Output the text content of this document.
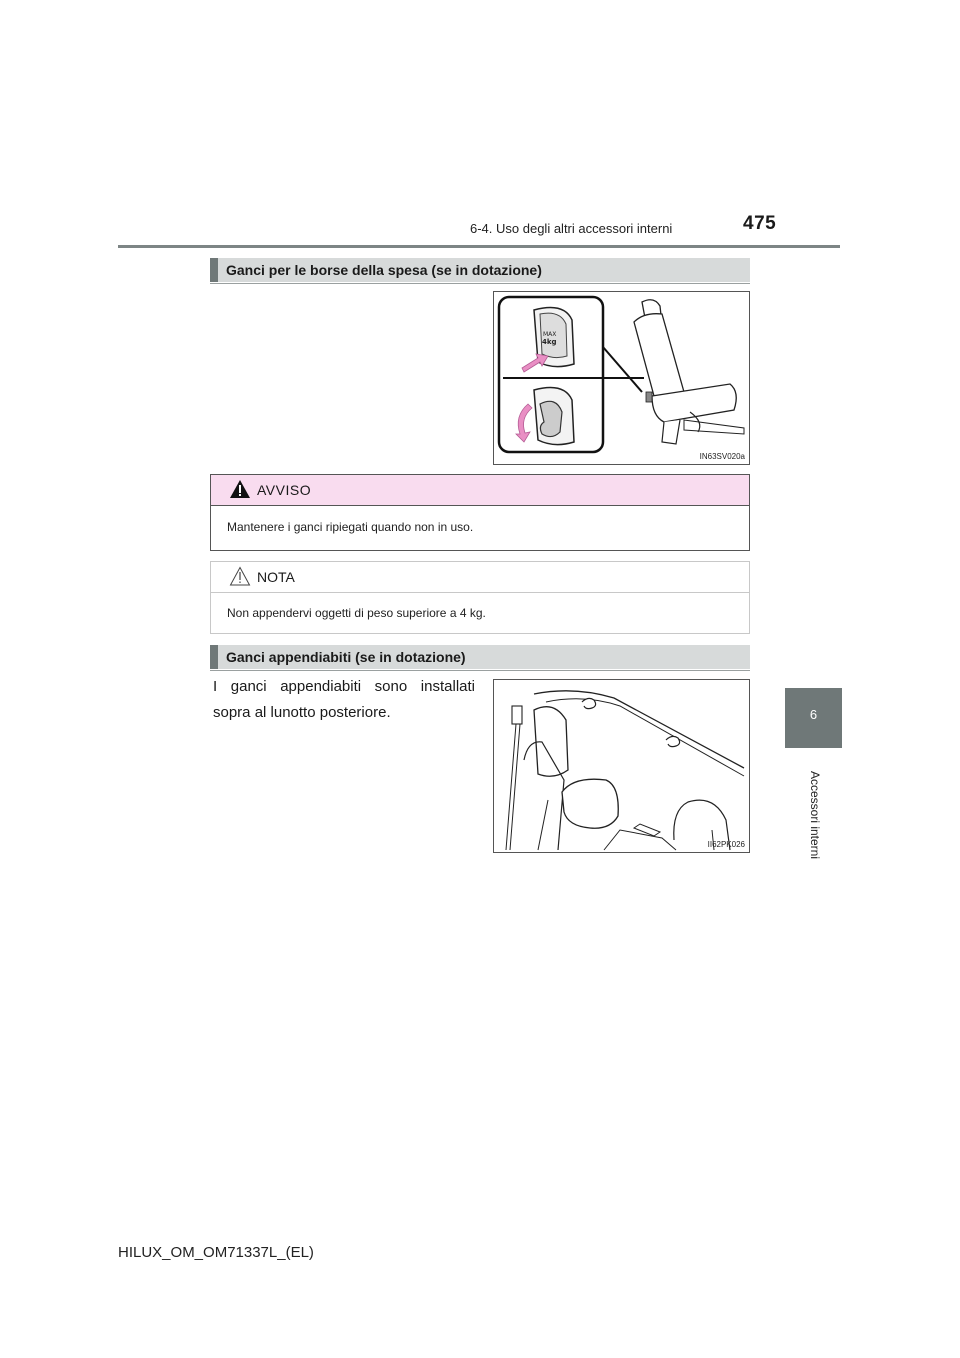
6-4. Uso degli altri accessori interni	475
6
Accessori interni
Ganci per le borse della spesa (se in dotazione)
MAX
4kg
IN63SV020a
AVVISO
Mantenere i ganci ripiegati quando non in uso.
NOTA
Non appendervi oggetti di peso superiore a 4 kg.
Ganci appendiabiti (se in dotazione)
I ganci appendiabiti sono installati sopra al lunotto posteriore.
II62PK026
HILUX_OM_OM71337L_(EL)
